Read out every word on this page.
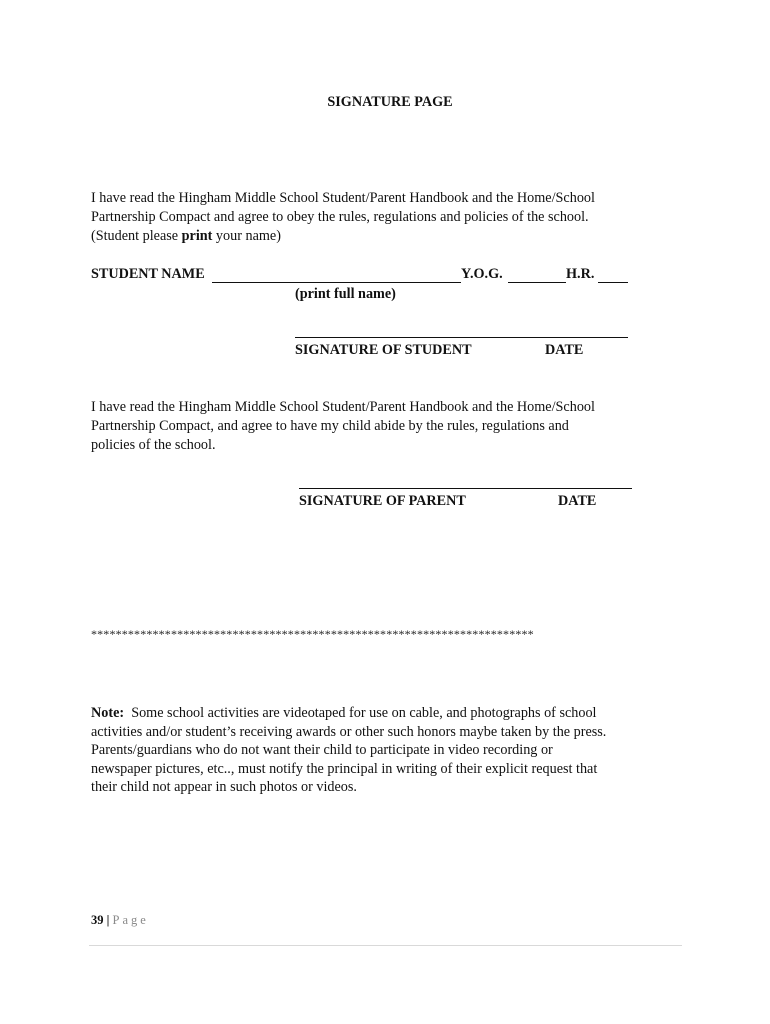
SIGNATURE PAGE
I have read the Hingham Middle School Student/Parent Handbook and the Home/School
Partnership Compact and agree to obey the rules, regulations and policies of the school.
(Student please print your name)
STUDENT NAME	Y.O.G.	H.R.
(print full name)
SIGNATURE OF STUDENT	DATE
I have read the Hingham Middle School Student/Parent Handbook and the Home/School
Partnership Compact, and agree to have my child abide by the rules, regulations and
policies of the school.
SIGNATURE OF PARENT	DATE
************************************************************************
Note:  Some school activities are videotaped for use on cable, and photographs of school
activities and/or student’s receiving awards or other such honors maybe taken by the press.
Parents/guardians who do not want their child to participate in video recording or
newspaper pictures, etc.., must notify the principal in writing of their explicit request that
their child not appear in such photos or videos.
39 | Page
